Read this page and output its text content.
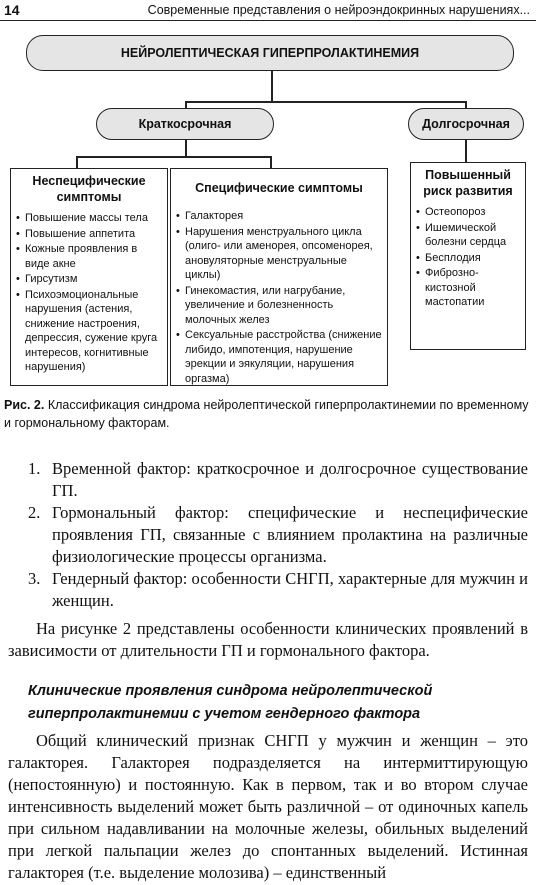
14	Современные представления о нейроэндокринных нарушениях...
НЕЙРОЛЕПТИЧЕСКАЯ ГИПЕРПРОЛАКТИНЕМИЯ
Краткосрочная	Долгосрочная
Неспецифические симптомы
• Повышение массы тела
• Повышение аппетита
• Кожные проявления в виде акне
• Гирсутизм
• Психоэмоциональные нарушения (астения, снижение настроения, депрессия, сужение круга интересов, когнитивные нарушения)
Специфические симптомы
• Галакторея
• Нарушения менструального цикла (олиго- или аменорея, опсоменорея, ановуляторные менструальные циклы)
• Гинекомастия, или нагрубание, увеличение и болезненность молочных желез
• Сексуальные расстройства (снижение либидо, импотенция, нарушение эрекции и эякуляции, нарушения оргазма)
Повышенный риск развития
• Остеопороз
• Ишемической болезни сердца
• Бесплодия
• Фиброзно-кистозной мастопатии
Рис. 2. Классификация синдрома нейролептической гиперпролактинемии по временному и гормональному факторам.
1. Временной фактор: краткосрочное и долгосрочное существование ГП.
2. Гормональный фактор: специфические и неспецифические проявления ГП, связанные с влиянием пролактина на различные физиологические процессы организма.
3. Гендерный фактор: особенности СНГП, характерные для мужчин и женщин.
На рисунке 2 представлены особенности клинических проявлений в зависимости от длительности ГП и гормонального фактора.
Клинические проявления синдрома нейролептической гиперпролактинемии с учетом гендерного фактора
Общий клинический признак СНГП у мужчин и женщин – это галакторея. Галакторея подразделяется на интермиттирующую (непостоянную) и постоянную. Как в первом, так и во втором случае интенсивность выделений может быть различной – от одиночных капель при сильном надавливании на молочные железы, обильных выделений при легкой пальпации желез до спонтанных выделений. Истинная галакторея (т.е. выделение молозива) – единственный
